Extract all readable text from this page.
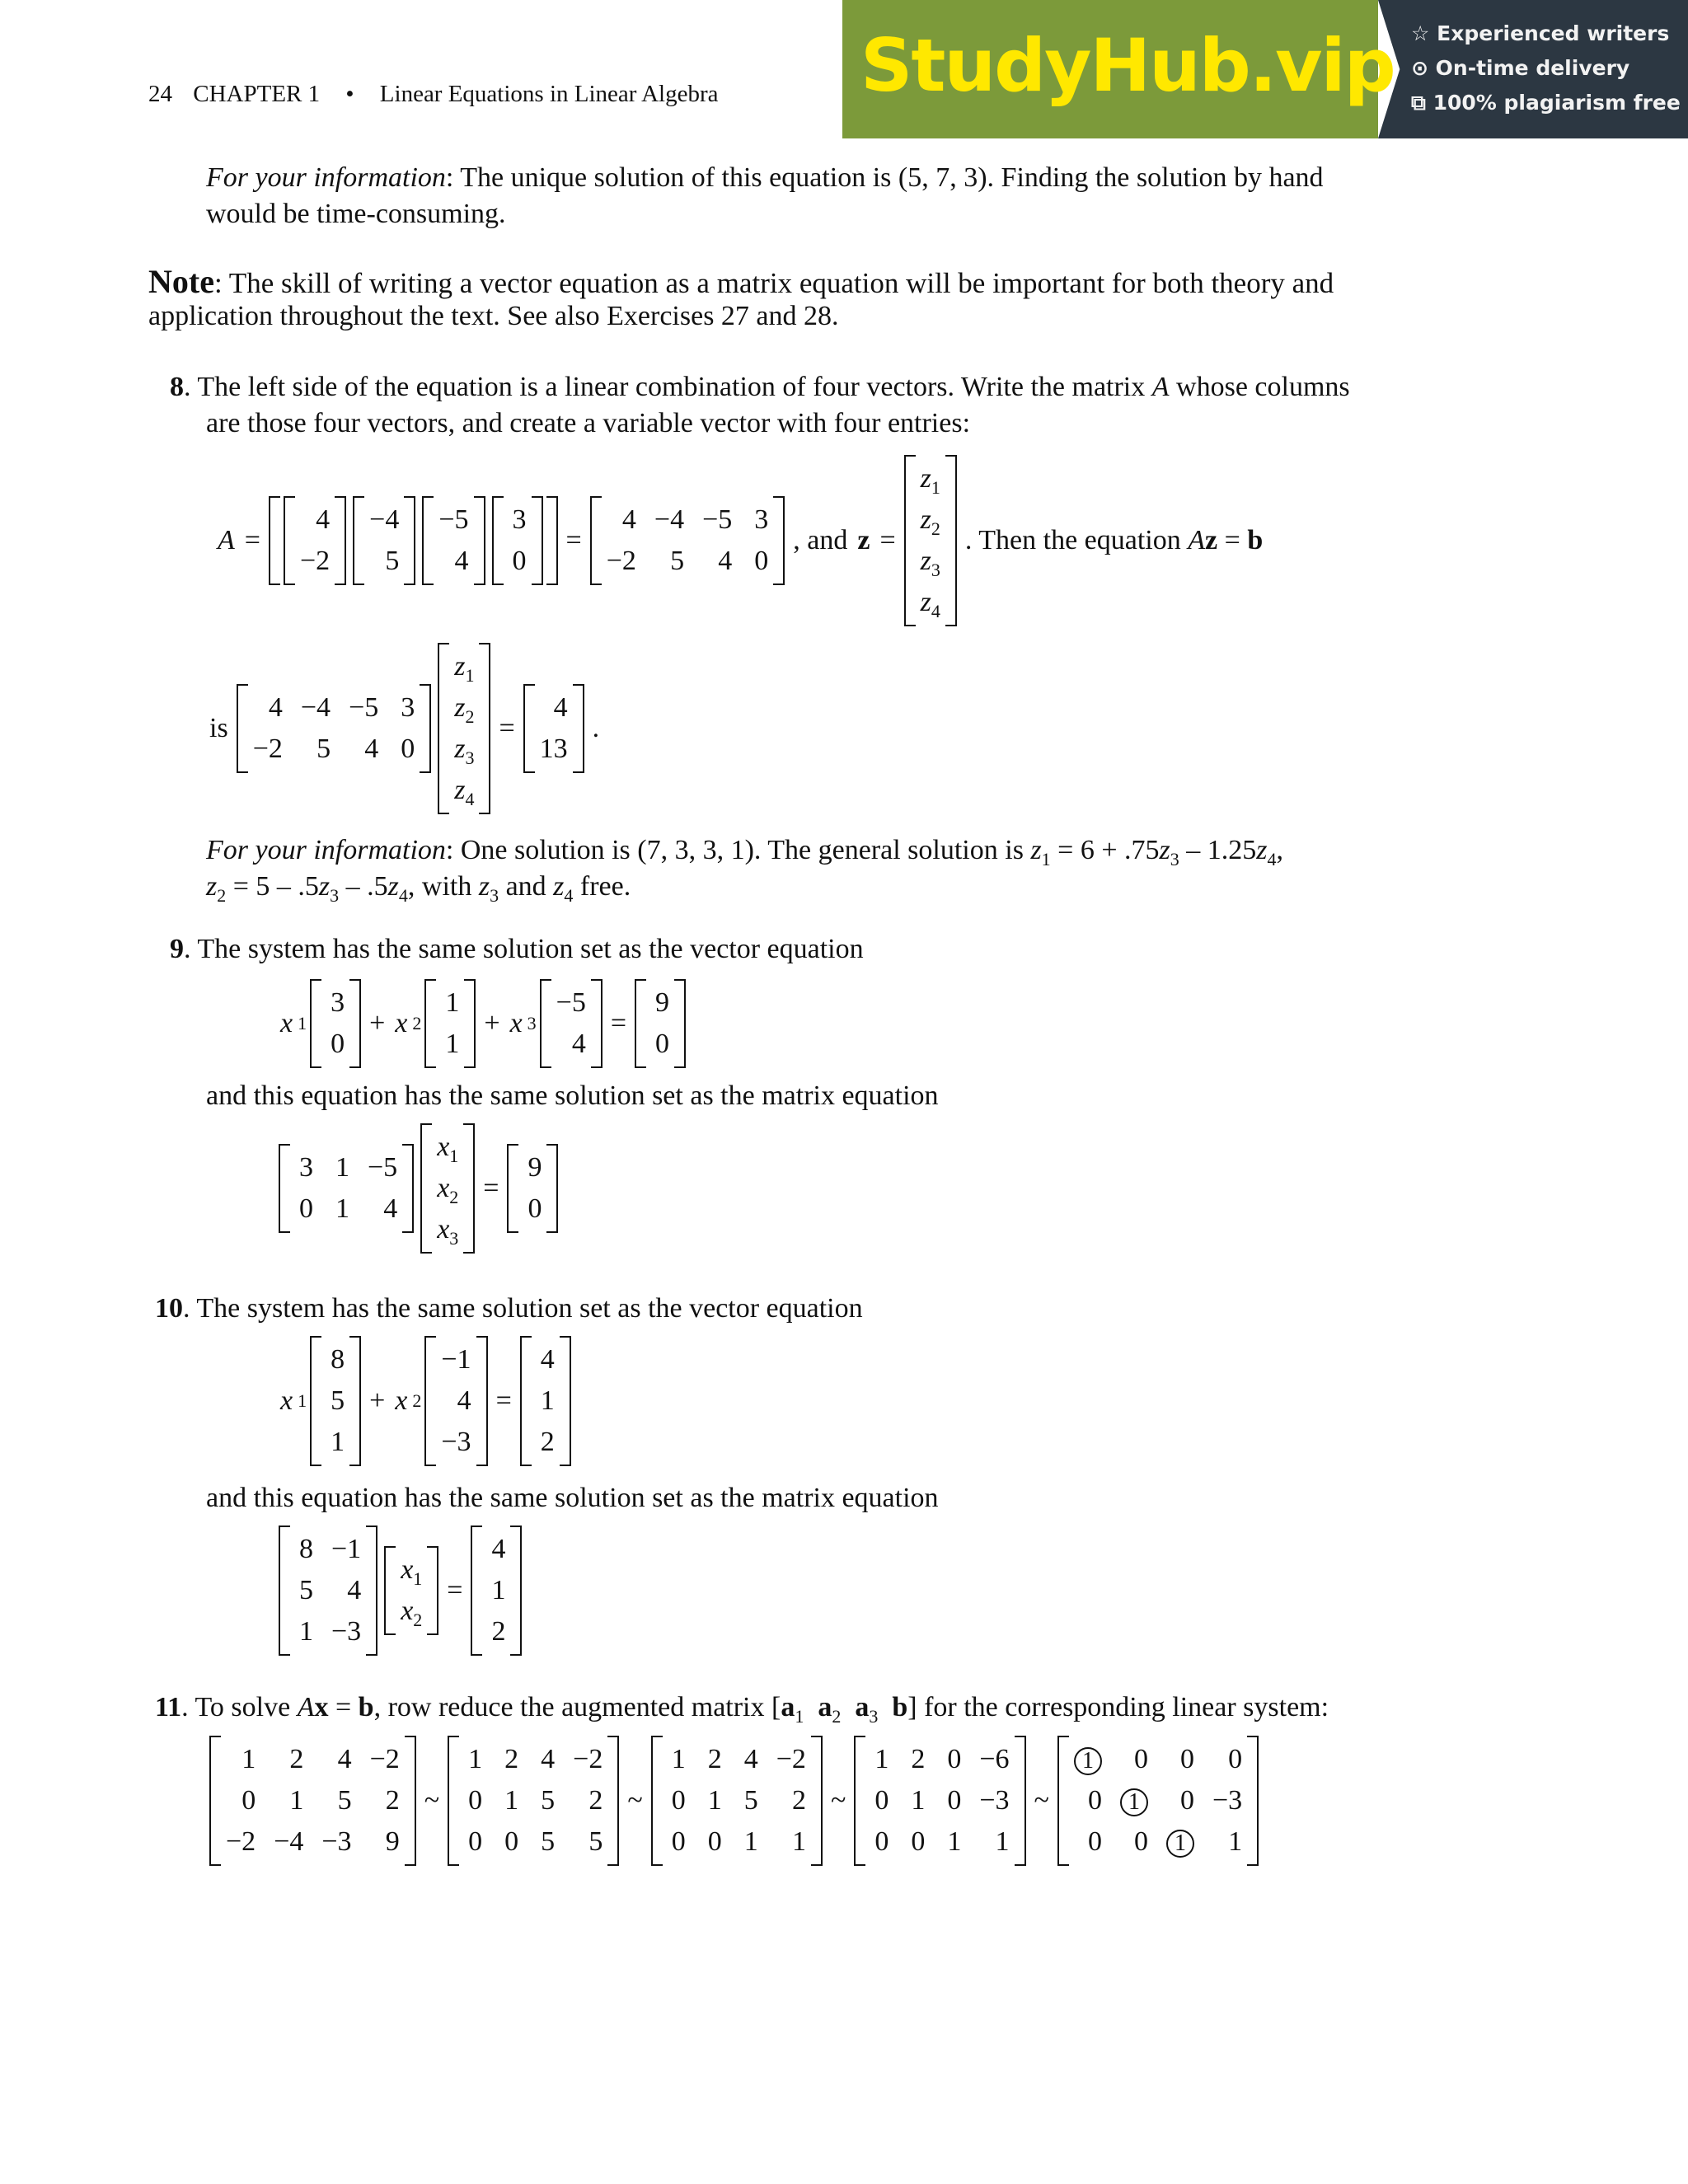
24 CHAPTER 1 • Linear Equations in Linear Algebra StudyHub.vip ☆ Experienced writers
⊙ On-time delivery
⧉ 100% plagiarism free
For your information: The unique solution of this equation is (5, 7, 3). Finding the solution by hand
would be time-consuming.
Note: The skill of writing a vector equation as a matrix equation will be important for both theory and
application throughout the text. See also Exercises 27 and 28.
8. The left side of the equation is a linear combination of four vectors. Write the matrix A whose columns
are those four vectors, and create a variable vector with four entries:
A =
4
−2
−4
5
−5
4
3
0
=
4
−2
−4
5
−5
4
3
0
, and z =
$z_1$
$z_2$
$z_3$
$z_4$
. Then the equation Az = b
is
4
−2
−4
5
−5
4
3
0
$z_1$
$z_2$
$z_3$
$z_4$
=
4
13
.
For your information: One solution is (7, 3, 3, 1). The general solution is $z_1 = 6 + .75z_3 - 1.25z_4$,
$z_2 = 5 - .5z_3 - .5z_4$, with $z_3$ and $z_4$ free.
9. The system has the same solution set as the vector equation
x 1
3
0
+ x 2
1
1
+ x 3
−5
4
=
9
0
and this equation has the same solution set as the matrix equation
3
0
1
1
−5
4
$x_1$
$x_2$
$x_3$
=
9
0
10. The system has the same solution set as the vector equation
x 1
8
5
1
+ x 2
−1
4
−3
=
4
1
2
and this equation has the same solution set as the matrix equation
8
5
1
−1
4
−3
$x_1$
$x_2$
=
4
1
2
11. To solve Ax = b, row reduce the augmented matrix [$a_1$ $a_2$ $a_3$ b] for the corresponding linear system:
1
0
−2
2
1
−4
4
5
−3
−2
2
9
~
1
0
0
2
1
0
4
5
5
−2
2
5
~
1
0
0
2
1
0
4
5
1
−2
2
1
~
1
0
0
2
1
0
0
0
1
−6
−3
1
~
1
0
0
0
1
0
0
0
1
0
−3
1
